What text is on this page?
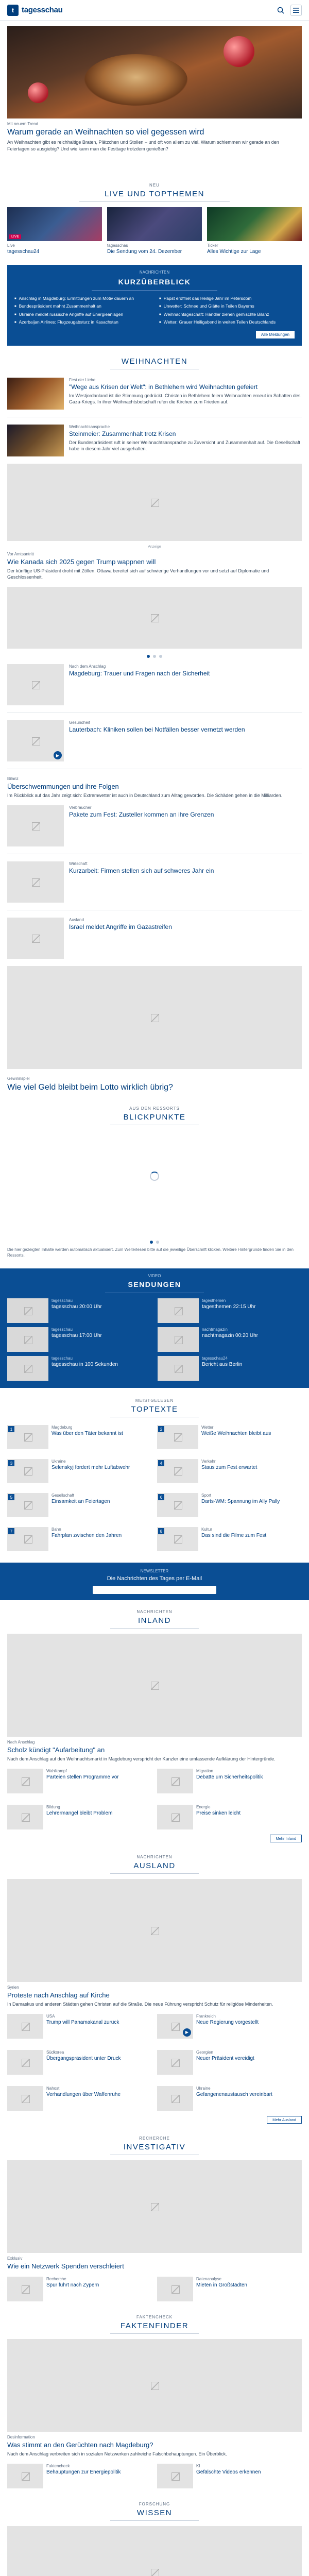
t	tagesschau
Mit neuem Trend
Warum gerade an Weihnachten so viel gegessen wird

An Weihnachten gibt es reichhaltige Braten, Plätzchen und Stollen – und oft von allem zu viel. Warum schlemmen wir gerade an den Feiertagen so ausgiebig? Und wie kann man die Festtage trotzdem genießen?

NEU
LIVE UND TOPTHEMEN
LIVE
Live
tagesschau24
tagesschau
Die Sendung vom 24. Dezember
Ticker
Alles Wichtige zur Lage
NACHRICHTEN
KURZÜBERBLICK
■ Anschlag in Magdeburg: Ermittlungen zum Motiv dauern an	■ Papst eröffnet das Heilige Jahr im Petersdom
■ Bundespräsident mahnt Zusammenhalt an	■ Unwetter: Schnee und Glätte in Teilen Bayerns
■ Ukraine meldet russische Angriffe auf Energieanlagen	■ Weihnachtsgeschäft: Händler ziehen gemischte Bilanz
■ Azerbaijan Airlines: Flugzeugabsturz in Kasachstan	■ Wetter: Grauer Heiligabend in weiten Teilen Deutschlands
Alle Meldungen
WEIHNACHTEN
Fest der Liebe
"Wege aus Krisen der Welt": in Bethlehem wird Weihnachten gefeiert

Im Westjordanland ist die Stimmung gedrückt. Christen in Bethlehem feiern Weihnachten erneut im Schatten des Gaza-Kriegs. In ihrer Weihnachtsbotschaft rufen die Kirchen zum Frieden auf.

Weihnachtsansprache
Steinmeier: Zusammenhalt trotz Krisen

Der Bundespräsident ruft in seiner Weihnachtsansprache zu Zuversicht und Zusammenhalt auf. Die Gesellschaft habe in diesem Jahr viel ausgehalten.

Anzeige
Vor Amtsantritt
Wie Kanada sich 2025 gegen Trump wappnen will

Der künftige US-Präsident droht mit Zöllen. Ottawa bereitet sich auf schwierige Verhandlungen vor und setzt auf Diplomatie und Geschlossenheit.

Nach dem Anschlag
Magdeburg: Trauer und Fragen nach der Sicherheit
▶
Gesundheit
Lauterbach: Kliniken sollen bei Notfällen besser vernetzt werden
Bilanz
Überschwemmungen und ihre Folgen

Im Rückblick auf das Jahr zeigt sich: Extremwetter ist auch in Deutschland zum Alltag geworden. Die Schäden gehen in die Milliarden.

Verbraucher
Pakete zum Fest: Zusteller kommen an ihre Grenzen
Wirtschaft
Kurzarbeit: Firmen stellen sich auf schweres Jahr ein
Ausland
Israel meldet Angriffe im Gazastreifen
Gewinnspiel
Wie viel Geld bleibt beim Lotto wirklich übrig?
AUS DEN RESSORTS
BLICKPUNKTE

Die hier gezeigten Inhalte werden automatisch aktualisiert. Zum Weiterlesen bitte auf die jeweilige Überschrift klicken. Weitere Hintergründe finden Sie in den Ressorts.

VIDEO
SENDUNGEN
tagesschau
tagesschau 20:00 Uhr
tagesthemen
tagesthemen 22:15 Uhr
tagesschau
tagesschau 17:00 Uhr
nachtmagazin
nachtmagazin 00:20 Uhr
tagesschau
tagesschau in 100 Sekunden
tagesschau24
Bericht aus Berlin
MEISTGELESEN
TOPTEXTE
1	Magdeburg
Was über den Täter bekannt ist
2	Wetter
Weiße Weihnachten bleibt aus
3	Ukraine
Selenskyj fordert mehr Luftabwehr
4	Verkehr
Staus zum Fest erwartet
5	Gesellschaft
Einsamkeit an Feiertagen
6	Sport
Darts-WM: Spannung im Ally Pally
7	Bahn
Fahrplan zwischen den Jahren
8	Kultur
Das sind die Filme zum Fest
NEWSLETTER
Die Nachrichten des Tages per E-Mail
NACHRICHTEN
INLAND
Nach Anschlag
Scholz kündigt "Aufarbeitung" an

Nach dem Anschlag auf den Weihnachtsmarkt in Magdeburg verspricht der Kanzler eine umfassende Aufklärung der Hintergründe.

Wahlkampf
Parteien stellen Programme vor
Migration
Debatte um Sicherheitspolitik
Bildung
Lehrermangel bleibt Problem
Energie
Preise sinken leicht
Mehr Inland
NACHRICHTEN
AUSLAND
Syrien
Proteste nach Anschlag auf Kirche

In Damaskus und anderen Städten gehen Christen auf die Straße. Die neue Führung verspricht Schutz für religiöse Minderheiten.

USA
Trump will Panamakanal zurück
▶
Frankreich
Neue Regierung vorgestellt
Südkorea
Übergangspräsident unter Druck
Georgien
Neuer Präsident vereidigt
Nahost
Verhandlungen über Waffenruhe
Ukraine
Gefangenenaustausch vereinbart
Mehr Ausland
RECHERCHE
INVESTIGATIV
Exklusiv
Wie ein Netzwerk Spenden verschleiert
Recherche
Spur führt nach Zypern
Datenanalyse
Mieten in Großstädten
FAKTENCHECK
FAKTENFINDER
Desinformation
Was stimmt an den Gerüchten nach Magdeburg?

Nach dem Anschlag verbreiten sich in sozialen Netzwerken zahlreiche Falschbehauptungen. Ein Überblick.

Faktencheck
Behauptungen zur Energiepolitik
KI
Gefälschte Videos erkennen
FORSCHUNG
WISSEN
